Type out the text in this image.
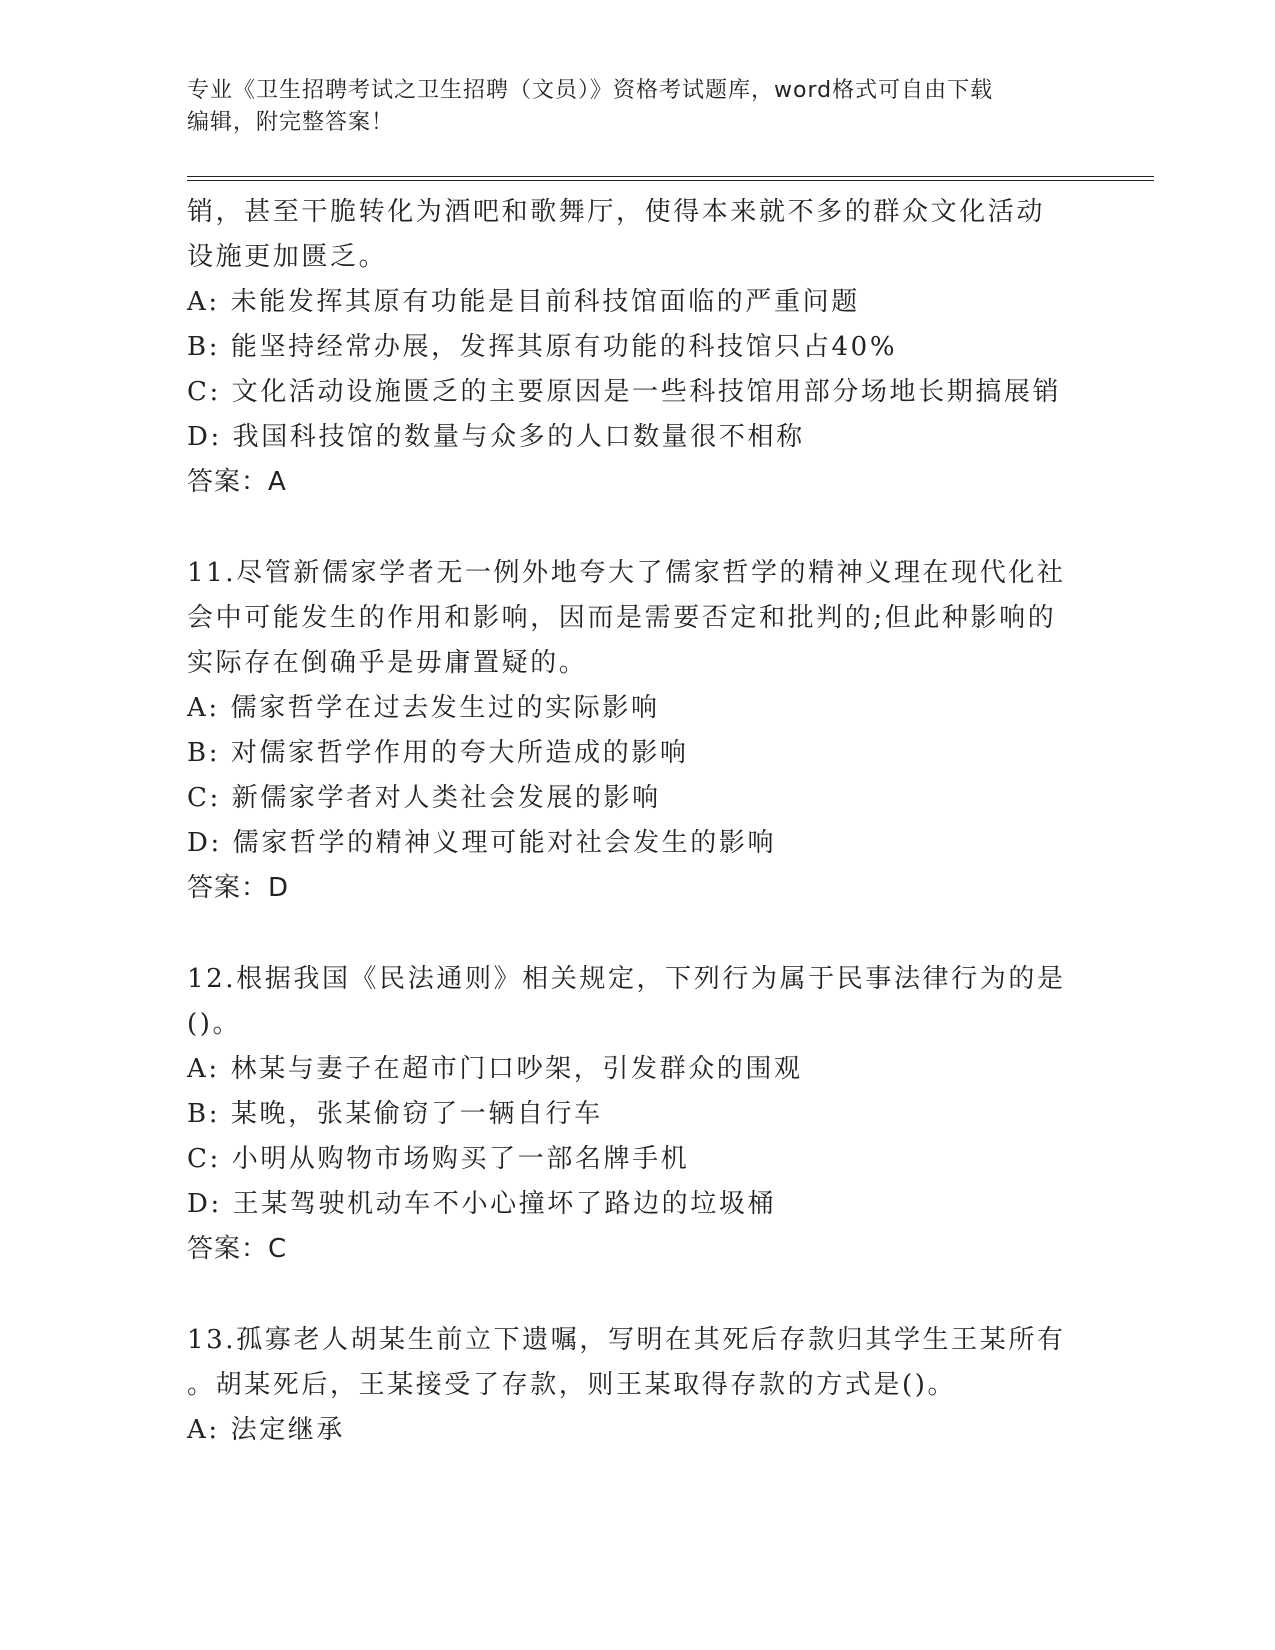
专业《卫生招聘考试之卫生招聘（文员）》资格考试题库，word格式可自由下载
编辑，附完整答案！

销，甚至干脆转化为酒吧和歌舞厅，使得本来就不多的群众文化活动

设施更加匮乏。

A: 未能发挥其原有功能是目前科技馆面临的严重问题

B: 能坚持经常办展，发挥其原有功能的科技馆只占40%

C: 文化活动设施匮乏的主要原因是一些科技馆用部分场地长期搞展销

D: 我国科技馆的数量与众多的人口数量很不相称

答案：A

11.尽管新儒家学者无一例外地夸大了儒家哲学的精神义理在现代化社

会中可能发生的作用和影响，因而是需要否定和批判的;但此种影响的

实际存在倒确乎是毋庸置疑的。

A: 儒家哲学在过去发生过的实际影响

B: 对儒家哲学作用的夸大所造成的影响

C: 新儒家学者对人类社会发展的影响

D: 儒家哲学的精神义理可能对社会发生的影响

答案：D

12.根据我国《民法通则》相关规定，下列行为属于民事法律行为的是

()。

A: 林某与妻子在超市门口吵架，引发群众的围观

B: 某晚，张某偷窃了一辆自行车

C: 小明从购物市场购买了一部名牌手机

D: 王某驾驶机动车不小心撞坏了路边的垃圾桶

答案：C

13.孤寡老人胡某生前立下遗嘱，写明在其死后存款归其学生王某所有

。胡某死后，王某接受了存款，则王某取得存款的方式是()。

A: 法定继承
